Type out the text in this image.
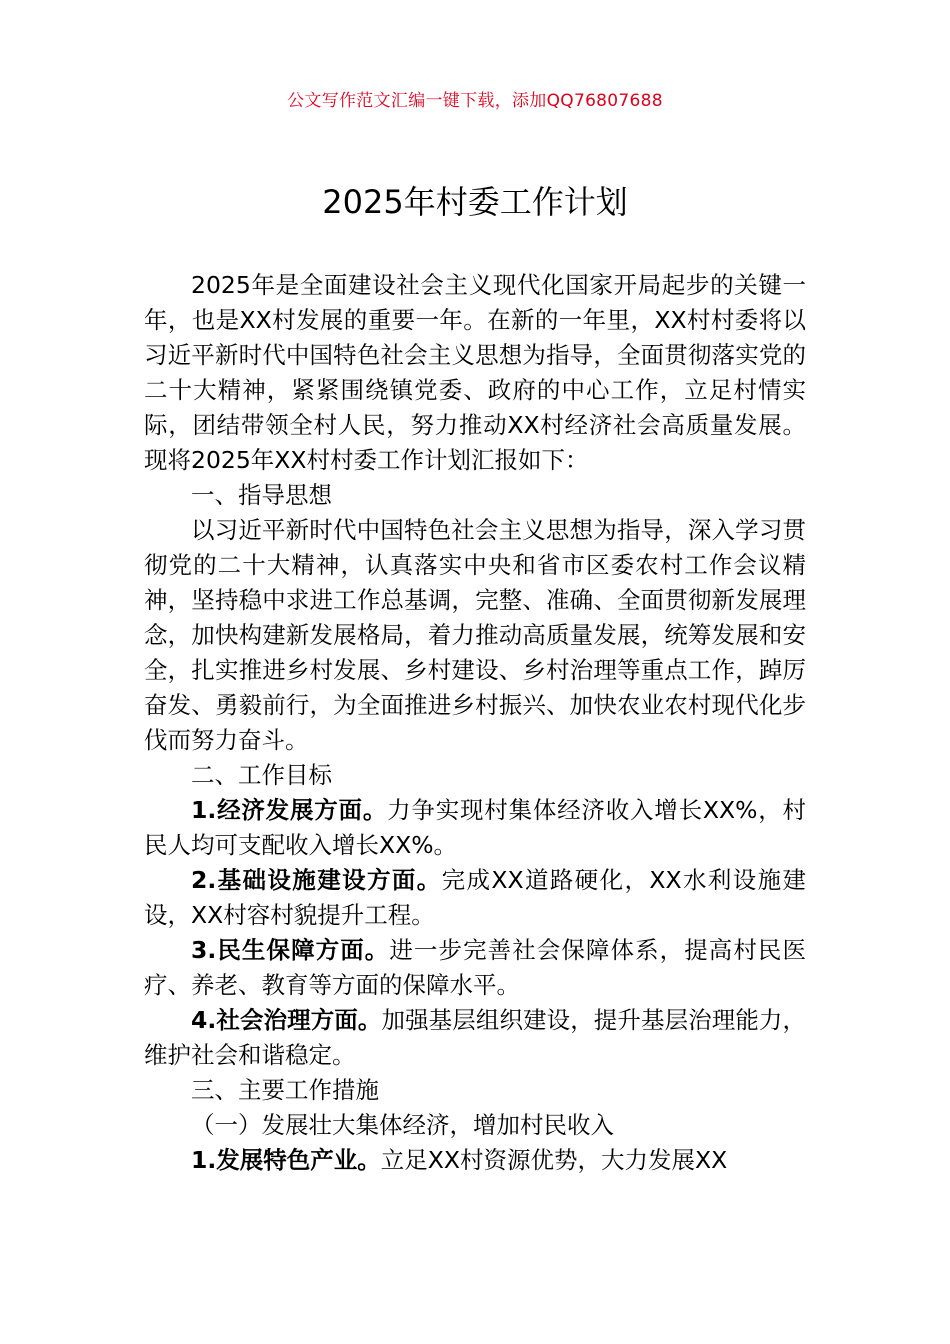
公文写作范文汇编一键下载，添加QQ76807688
2025年村委工作计划

2025年是全面建设社会主义现代化国家开局起步的关键一年，也是XX村发展的重要一年。在新的一年里，XX村村委将以习近平新时代中国特色社会主义思想为指导，全面贯彻落实党的二十大精神，紧紧围绕镇党委、政府的中心工作，立足村情实际，团结带领全村人民，努力推动XX村经济社会高质量发展。现将2025年XX村村委工作计划汇报如下：

一、指导思想

以习近平新时代中国特色社会主义思想为指导，深入学习贯彻党的二十大精神，认真落实中央和省市区委农村工作会议精神，坚持稳中求进工作总基调，完整、准确、全面贯彻新发展理念，加快构建新发展格局，着力推动高质量发展，统筹发展和安全，扎实推进乡村发展、乡村建设、乡村治理等重点工作，踔厉奋发、勇毅前行，为全面推进乡村振兴、加快农业农村现代化步伐而努力奋斗。

二、工作目标

1.经济发展方面。力争实现村集体经济收入增长XX%，村民人均可支配收入增长XX%。

2.基础设施建设方面。完成XX道路硬化，XX水利设施建设，XX村容村貌提升工程。

3.民生保障方面。进一步完善社会保障体系，提高村民医疗、养老、教育等方面的保障水平。

4.社会治理方面。加强基层组织建设，提升基层治理能力，维护社会和谐稳定。

三、主要工作措施

（一）发展壮大集体经济，增加村民收入

1.发展特色产业。立足XX村资源优势，大力发展XX
